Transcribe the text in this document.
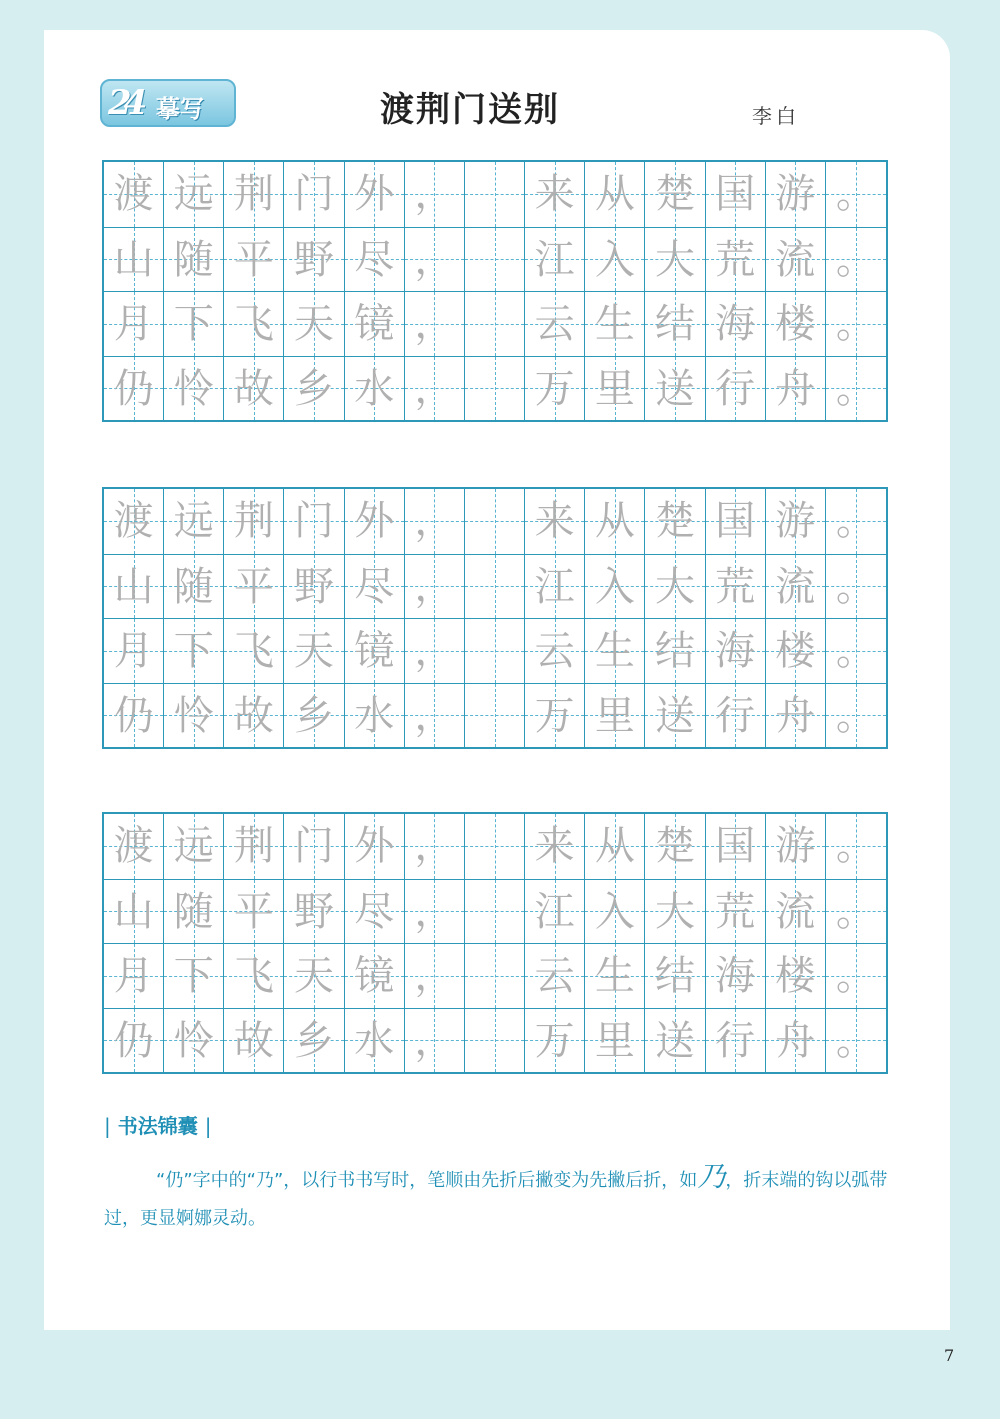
24 摹写	渡荆门送别	李白
渡 远 荆 门 外 ， 来 从 楚 国 游 。
山 随 平 野 尽 ， 江 入 大 荒 流 。
月 下 飞 天 镜 ， 云 生 结 海 楼 。
仍 怜 故 乡 水 ， 万 里 送 行 舟 。
渡 远 荆 门 外 ， 来 从 楚 国 游 。
山 随 平 野 尽 ， 江 入 大 荒 流 。
月 下 飞 天 镜 ， 云 生 结 海 楼 。
仍 怜 故 乡 水 ， 万 里 送 行 舟 。
渡 远 荆 门 外 ， 来 从 楚 国 游 。
山 随 平 野 尽 ， 江 入 大 荒 流 。
月 下 飞 天 镜 ， 云 生 结 海 楼 。
仍 怜 故 乡 水 ， 万 里 送 行 舟 。
| 书法锦囊 |
“仍”字中的“乃”，以行书书写时，笔顺由先折后撇变为先撇后折，如乃，折末端的钩以弧带过，更显婀娜灵动。
7
